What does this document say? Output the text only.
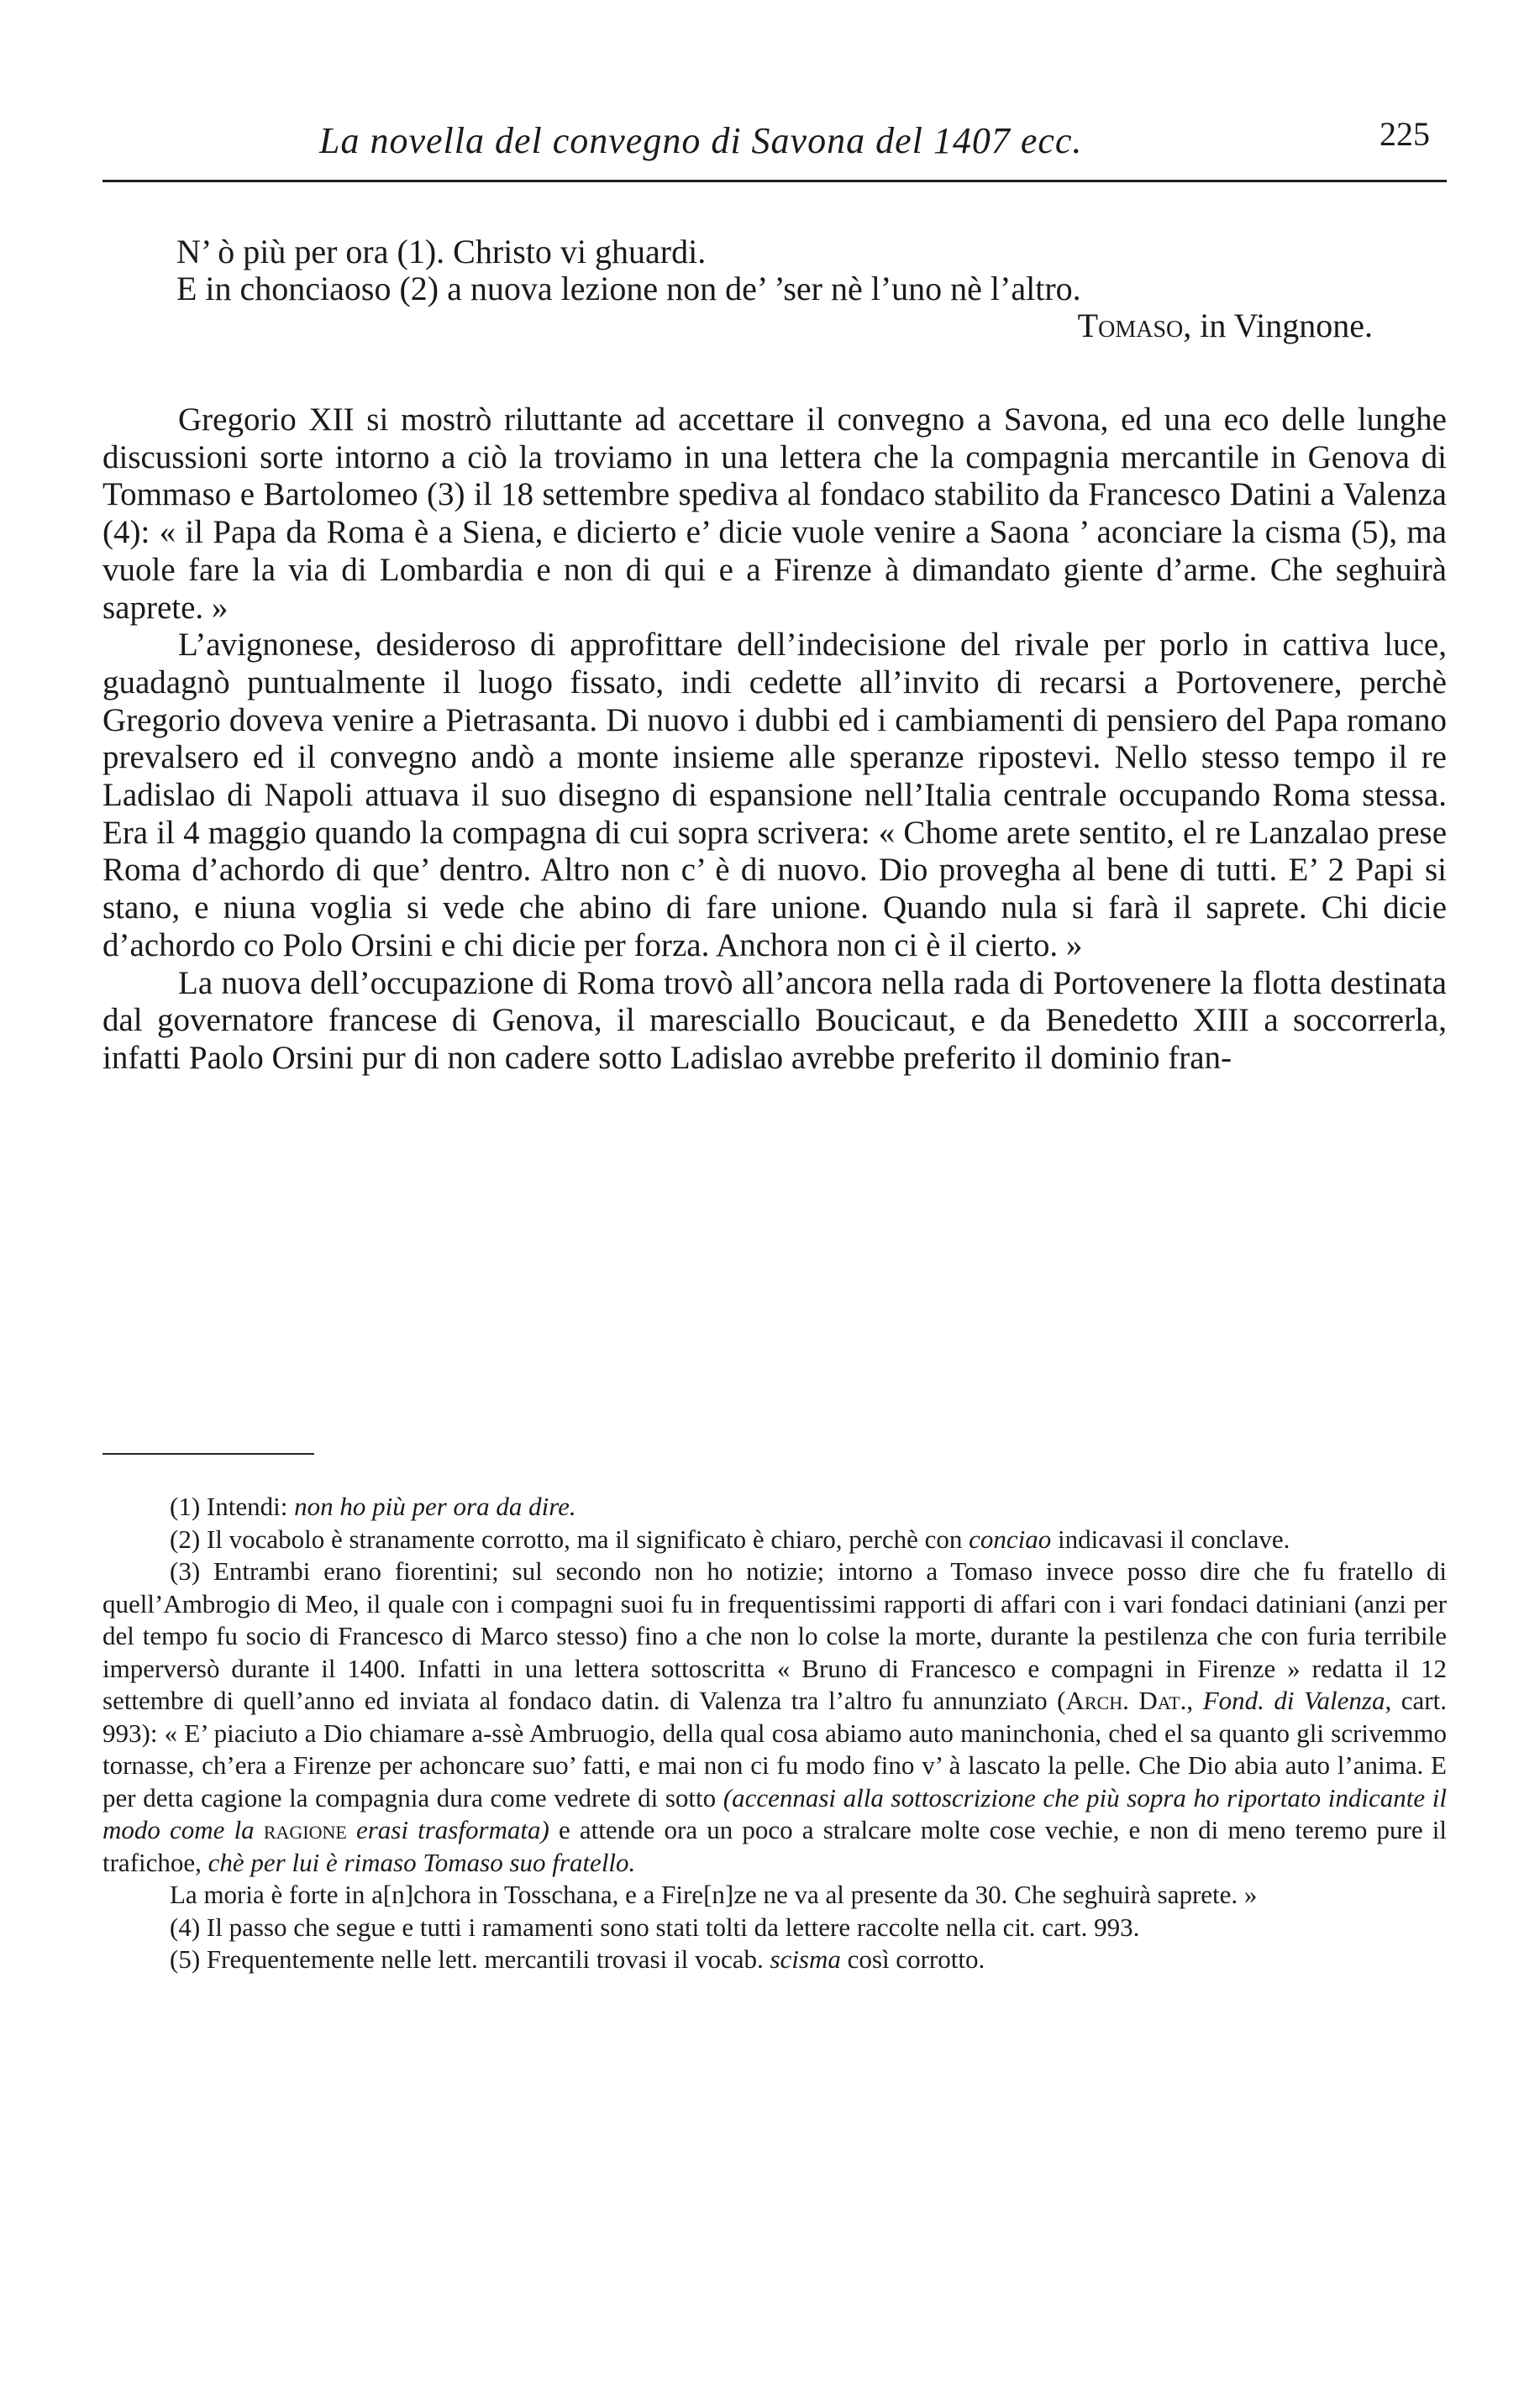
La novella del convegno di Savona del 1407 ecc.	225
N’ ò più per ora (1). Christo vi ghuardi.
E in chonciaoso (2) a nuova lezione non de’ ’ser nè l’uno nè l’altro.
Tomaso, in Vingnone.

Gregorio XII si mostrò riluttante ad accettare il convegno a Savona, ed una eco delle lunghe discussioni sorte intorno a ciò la troviamo in una lettera che la compagnia mercantile in Genova di Tommaso e Bartolomeo (3) il 18 settembre spediva al fondaco stabilito da Francesco Datini a Valenza (4): « il Papa da Roma è a Siena, e dicierto e’ dicie vuole venire a Saona ’ aconciare la cisma (5), ma vuole fare la via di Lombardia e non di qui e a Firenze à dimandato giente d’arme. Che seghuirà saprete. »

L’avignonese, desideroso di approfittare dell’indecisione del rivale per porlo in cattiva luce, guadagnò puntualmente il luogo fissato, indi cedette all’invito di recarsi a Portovenere, perchè Gregorio doveva venire a Pietrasanta. Di nuovo i dubbi ed i cambiamenti di pensiero del Papa romano prevalsero ed il convegno andò a monte insieme alle speranze ripostevi. Nello stesso tempo il re Ladislao di Napoli attuava il suo disegno di espansione nell’Italia centrale occupando Roma stessa. Era il 4 maggio quando la compagna di cui sopra scrivera: « Chome arete sentito, el re Lanzalao prese Roma d’achordo di que’ dentro. Altro non c’ è di nuovo. Dio provegha al bene di tutti. E’ 2 Papi si stano, e niuna voglia si vede che abino di fare unione. Quando nula si farà il saprete. Chi dicie d’achordo co Polo Orsini e chi dicie per forza. Anchora non ci è il cierto. »

La nuova dell’occupazione di Roma trovò all’ancora nella rada di Portovenere la flotta destinata dal governatore francese di Genova, il maresciallo Boucicaut, e da Benedetto XIII a soccorrerla, infatti Paolo Orsini pur di non cadere sotto Ladislao avrebbe preferito il dominio fran-

(1) Intendi: non ho più per ora da dire.

(2) Il vocabolo è stranamente corrotto, ma il significato è chiaro, perchè con conciao indicavasi il conclave.

(3) Entrambi erano fiorentini; sul secondo non ho notizie; intorno a Tomaso invece posso dire che fu fratello di quell’Ambrogio di Meo, il quale con i compagni suoi fu in frequentissimi rapporti di affari con i vari fondaci datiniani (anzi per del tempo fu socio di Francesco di Marco stesso) fino a che non lo colse la morte, durante la pestilenza che con furia terribile imperversò durante il 1400. Infatti in una lettera sottoscritta « Bruno di Francesco e compagni in Firenze » redatta il 12 settembre di quell’anno ed inviata al fondaco datin. di Valenza tra l’altro fu annunziato (Arch. Dat., Fond. di Valenza, cart. 993): « E’ piaciuto a Dio chiamare a-ssè Ambruogio, della qual cosa abiamo auto maninchonia, ched el sa quanto gli scrivemmo tornasse, ch’era a Firenze per achoncare suo’ fatti, e mai non ci fu modo fino v’ à lascato la pelle. Che Dio abia auto l’anima. E per detta cagione la compagnia dura come vedrete di sotto (accennasi alla sottoscrizione che più sopra ho riportato indicante il modo come la ragione erasi trasformata) e attende ora un poco a stralcare molte cose vechie, e non di meno teremo pure il trafichoe, chè per lui è rimaso Tomaso suo fratello.

La moria è forte in a[n]chora in Tosschana, e a Fire[n]ze ne va al presente da 30. Che seghuirà saprete. »

(4) Il passo che segue e tutti i ramamenti sono stati tolti da lettere raccolte nella cit. cart. 993.

(5) Frequentemente nelle lett. mercantili trovasi il vocab. scisma così corrotto.
